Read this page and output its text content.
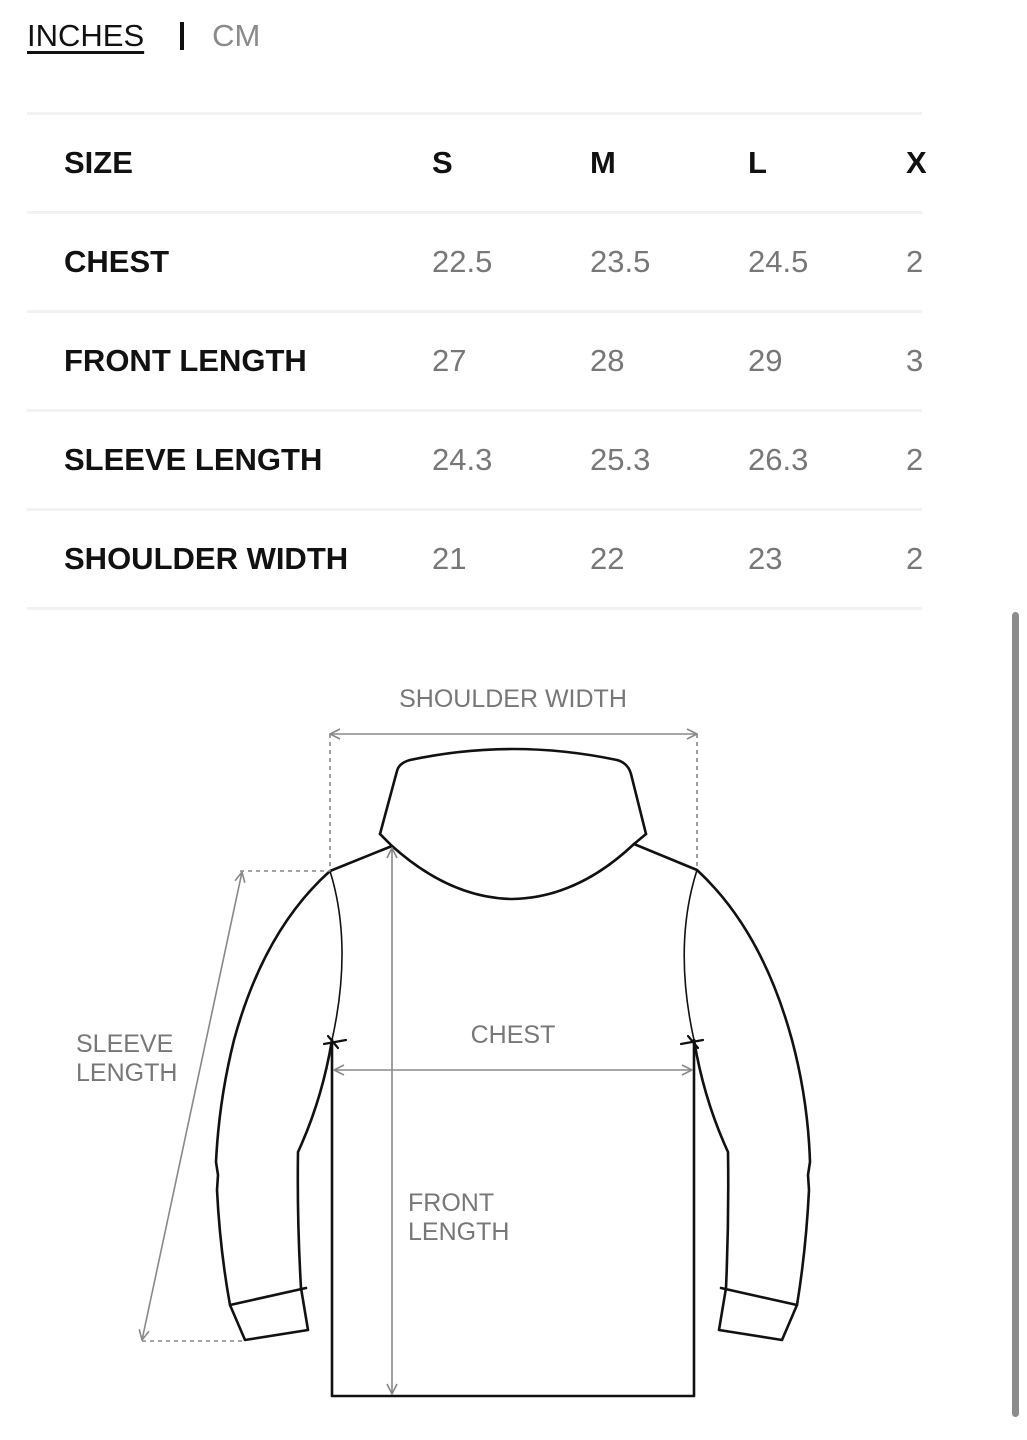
INCHES CM
SIZE	S	M	L	X
CHEST	22.5	23.5	24.5	2
FRONT LENGTH	27	28	29	3
SLEEVE LENGTH	24.3	25.3	26.3	2
SHOULDER WIDTH	21	22	23	2
SHOULDER WIDTH
CHEST
SLEEVE
LENGTH
FRONT
LENGTH
